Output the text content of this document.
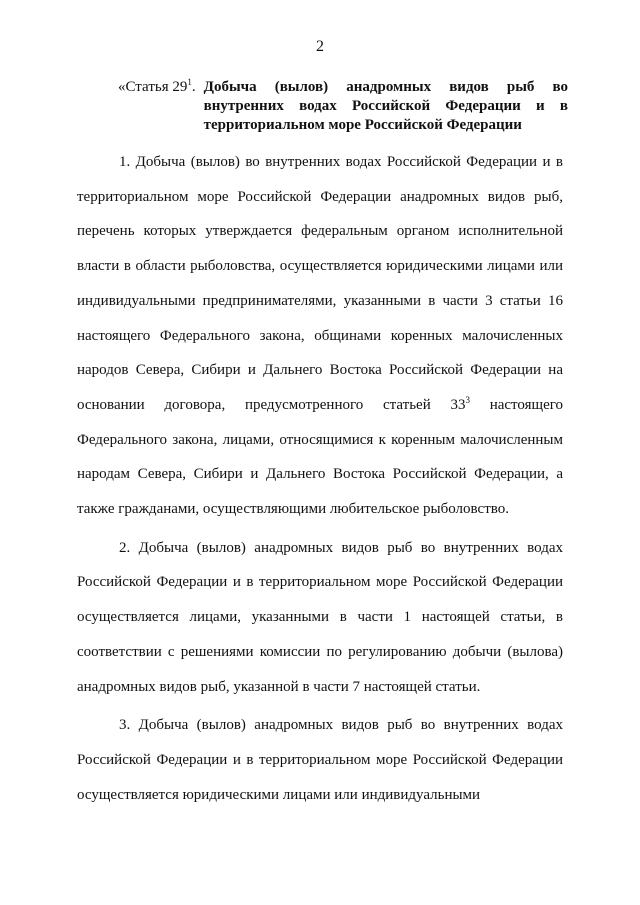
2
«Статья $29^1$. Добыча (вылов) анадромных видов рыб во внутренних водах Российской Федерации и в территориальном море Российской Федерации

1. Добыча (вылов) во внутренних водах Российской Федерации и в территориальном море Российской Федерации анадромных видов рыб, перечень которых утверждается федеральным органом исполнительной власти в области рыболовства, осуществляется юридическими лицами или индивидуальными предпринимателями, указанными в части 3 статьи 16 настоящего Федерального закона, общинами коренных малочисленных народов Севера, Сибири и Дальнего Востока Российской Федерации на основании договора, предусмотренного статьей $33^3$ настоящего Федерального закона, лицами, относящимися к коренным малочисленным народам Севера, Сибири и Дальнего Востока Российской Федерации, а также гражданами, осуществляющими любительское рыболовство.

2. Добыча (вылов) анадромных видов рыб во внутренних водах Российской Федерации и в территориальном море Российской Федерации осуществляется лицами, указанными в части 1 настоящей статьи, в соответствии с решениями комиссии по регулированию добычи (вылова) анадромных видов рыб, указанной в части 7 настоящей статьи.

3. Добыча (вылов) анадромных видов рыб во внутренних водах Российской Федерации и в территориальном море Российской Федерации осуществляется юридическими лицами или индивидуальными
